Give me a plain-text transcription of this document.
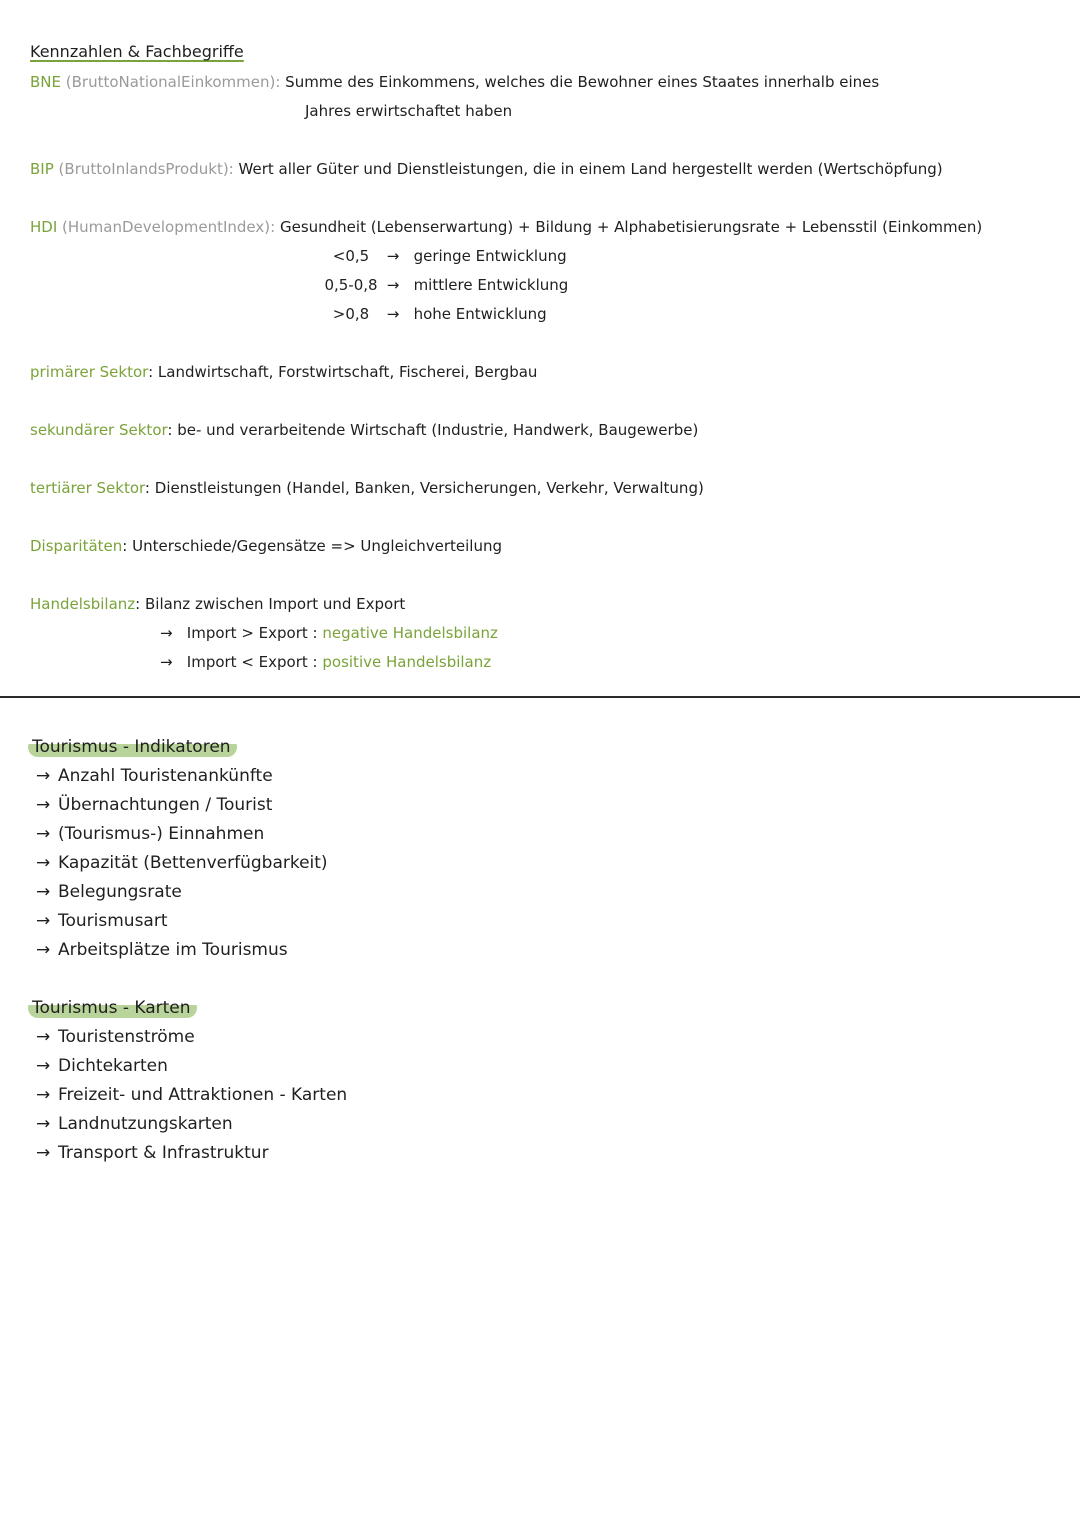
Kennzahlen & Fachbegriffe
BNE (BruttoNationalEinkommen): Summe des Einkommens, welches die Bewohner eines Staates innerhalb eines
Jahres erwirtschaftet haben
BIP (BruttoInlandsProdukt): Wert aller Güter und Dienstleistungen, die in einem Land hergestellt werden (Wertschöpfung)
HDI (HumanDevelopmentIndex): Gesundheit (Lebenserwartung) + Bildung + Alphabetisierungsrate + Lebensstil (Einkommen)
<0,5 → geringe Entwicklung
0,5-0,8 → mittlere Entwicklung
>0,8 → hohe Entwicklung
primärer Sektor: Landwirtschaft, Forstwirtschaft, Fischerei, Bergbau
sekundärer Sektor: be- und verarbeitende Wirtschaft (Industrie, Handwerk, Baugewerbe)
tertiärer Sektor: Dienstleistungen (Handel, Banken, Versicherungen, Verkehr, Verwaltung)
Disparitäten: Unterschiede/Gegensätze => Ungleichverteilung
Handelsbilanz: Bilanz zwischen Import und Export
→ Import > Export : negative Handelsbilanz
→ Import < Export : positive Handelsbilanz
Tourismus - Indikatoren
→ Anzahl Touristenankünfte
→ Übernachtungen / Tourist
→ (Tourismus-) Einnahmen
→ Kapazität (Bettenverfügbarkeit)
→ Belegungsrate
→ Tourismusart
→ Arbeitsplätze im Tourismus
Tourismus - Karten
→ Touristenströme
→ Dichtekarten
→ Freizeit- und Attraktionen - Karten
→ Landnutzungskarten
→ Transport & Infrastruktur
